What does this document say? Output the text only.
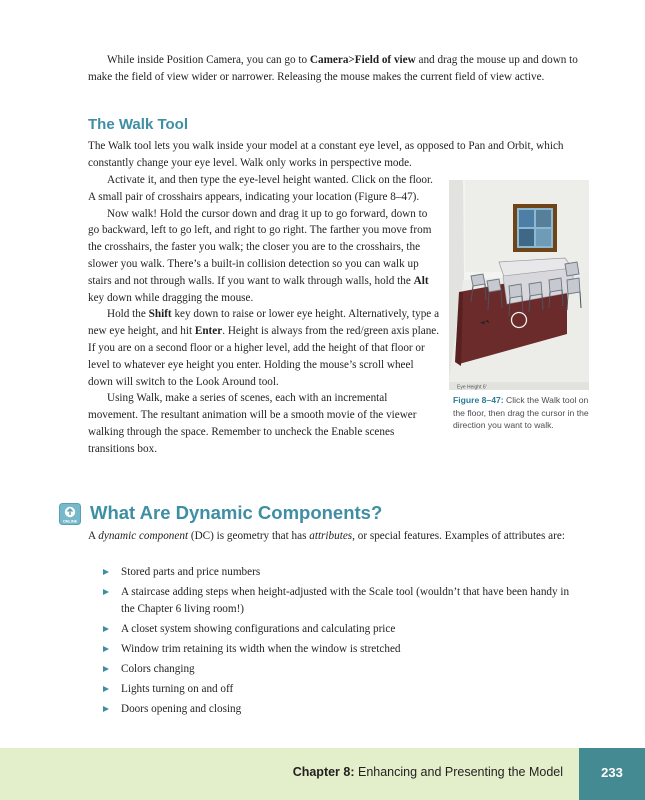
While inside Position Camera, you can go to Camera>Field of view and drag the mouse up and down to make the field of view wider or narrower. Releasing the mouse makes the current field of view active.
The Walk Tool

The Walk tool lets you walk inside your model at a constant eye level, as opposed to Pan and Orbit, which constantly change your eye level. Walk only works in perspective mode.

Activate it, and then type the eye-level height wanted. Click on the floor. A small pair of crosshairs appears, indicating your location (Figure 8–47).

Now walk! Hold the cursor down and drag it up to go forward, down to go backward, left to go left, and right to go right. The farther you move from the crosshairs, the faster you walk; the closer you are to the crosshairs, the slower you walk. There’s a built-in collision detection so you can walk up stairs and not through walls. If you want to walk through walls, hold the Alt key down while dragging the mouse.

Hold the Shift key down to raise or lower eye height. Alternatively, type a new eye height, and hit Enter. Height is always from the red/green axis plane. If you are on a second floor or a higher level, add the height of that floor or level to whatever eye height you enter. Holding the mouse’s scroll wheel down will switch to the Look Around tool.

Using Walk, make a series of scenes, each with an incremental movement. The resultant animation will be a smooth movie of the viewer walking through the space. Remember to uncheck the Enable scenes transitions box.

Eye Height 6'
Figure 8–47: Click the Walk tool on the floor, then drag the cursor in the direction you want to walk.
ONLINE What Are Dynamic Components?

A dynamic component (DC) is geometry that has attributes, or special features. Examples of attributes are:

Stored parts and price numbers
A staircase adding steps when height-adjusted with the Scale tool (wouldn’t that have been handy in the Chapter 6 living room!)
A closet system showing configurations and calculating price
Window trim retaining its width when the window is stretched
Colors changing
Lights turning on and off
Doors opening and closing
Chapter 8: Enhancing and Presenting the Model	233
